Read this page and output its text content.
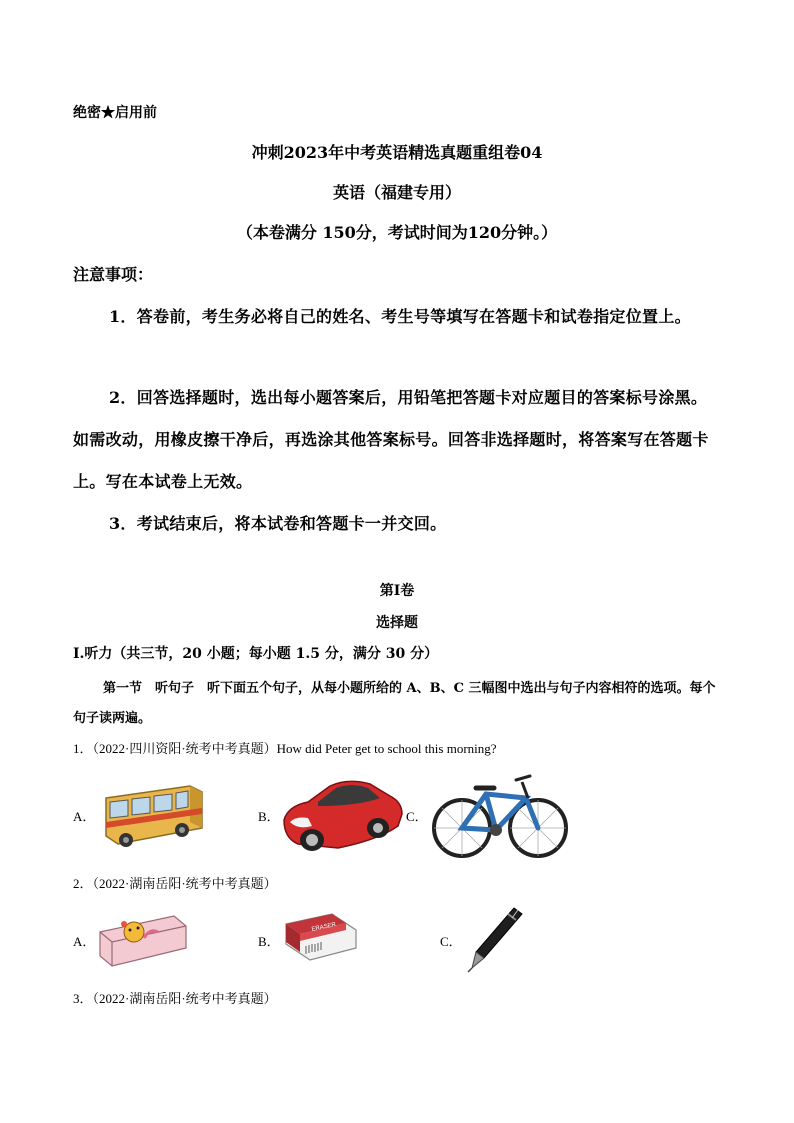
绝密★启用前
冲刺2023年中考英语精选真题重组卷04
英语（福建专用）
（本卷满分 150分，考试时间为120分钟。）
注意事项：
1．答卷前，考生务必将自己的姓名、考生号等填写在答题卡和试卷指定位置上。
2．回答选择题时，选出每小题答案后，用铅笔把答题卡对应题目的答案标号涂黑。如需改动，用橡皮擦干净后，再选涂其他答案标号。回答非选择题时，将答案写在答题卡上。写在本试卷上无效。
3．考试结束后，将本试卷和答题卡一并交回。
第Ⅰ卷
选择题
Ⅰ.听力（共三节，20 小题；每小题 1.5 分，满分 30 分）
第一节　听句子　听下面五个句子，从每小题所给的 A、B、C 三幅图中选出与句子内容相符的选项。每个句子读两遍。
1．（2022·四川资阳·统考中考真题）How did Peter get to school this morning?
A．	B．	C．
2．（2022·湖南岳阳·统考中考真题）
A．	B．
ERASER
C．
3．（2022·湖南岳阳·统考中考真题）
